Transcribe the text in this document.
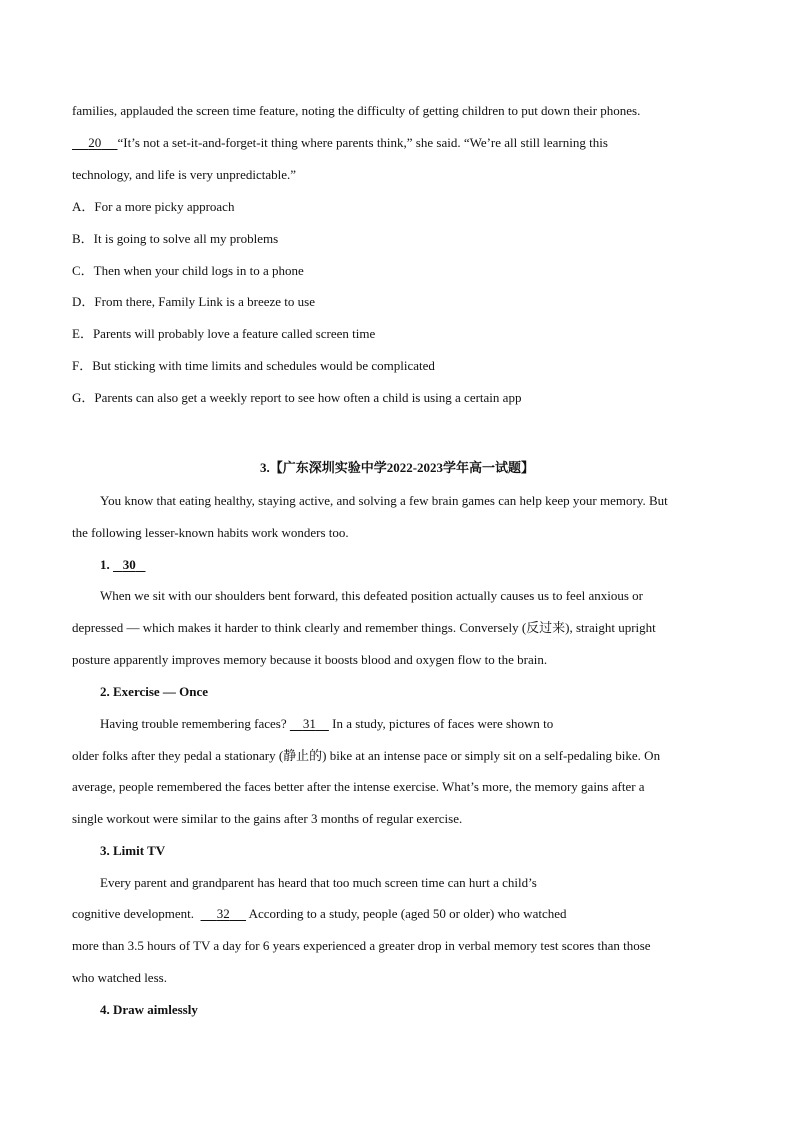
families, applauded the screen time feature, noting the difficulty of getting children to put down their phones.
20 “It’s not a set-it-and-forget-it thing where parents think,” she said. “We’re all still learning this
technology, and life is very unpredictable.”
A．For a more picky approach
B．It is going to solve all my problems
C．Then when your child logs in to a phone
D．From there, Family Link is a breeze to use
E．Parents will probably love a feature called screen time
F．But sticking with time limits and schedules would be complicated
G．Parents can also get a weekly report to see how often a child is using a certain app
3.【广东深圳实验中学2022-2023学年高一试题】
You know that eating healthy, staying active, and solving a few brain games can help keep your memory. But
the following lesser-known habits work wonders too.
1. 30
When we sit with our shoulders bent forward, this defeated position actually causes us to feel anxious or
depressed — which makes it harder to think clearly and remember things. Conversely (反过来), straight upright
posture apparently improves memory because it boosts blood and oxygen flow to the brain.
2. Exercise — Once
Having trouble remembering faces? 31 In a study, pictures of faces were shown to
older folks after they pedal a stationary (静止的) bike at an intense pace or simply sit on a self-pedaling bike. On
average, people remembered the faces better after the intense exercise. What’s more, the memory gains after a
single workout were similar to the gains after 3 months of regular exercise.
3. Limit TV
Every parent and grandparent has heard that too much screen time can hurt a child’s
cognitive development. 32 According to a study, people (aged 50 or older) who watched
more than 3.5 hours of TV a day for 6 years experienced a greater drop in verbal memory test scores than those
who watched less.
4. Draw aimlessly
